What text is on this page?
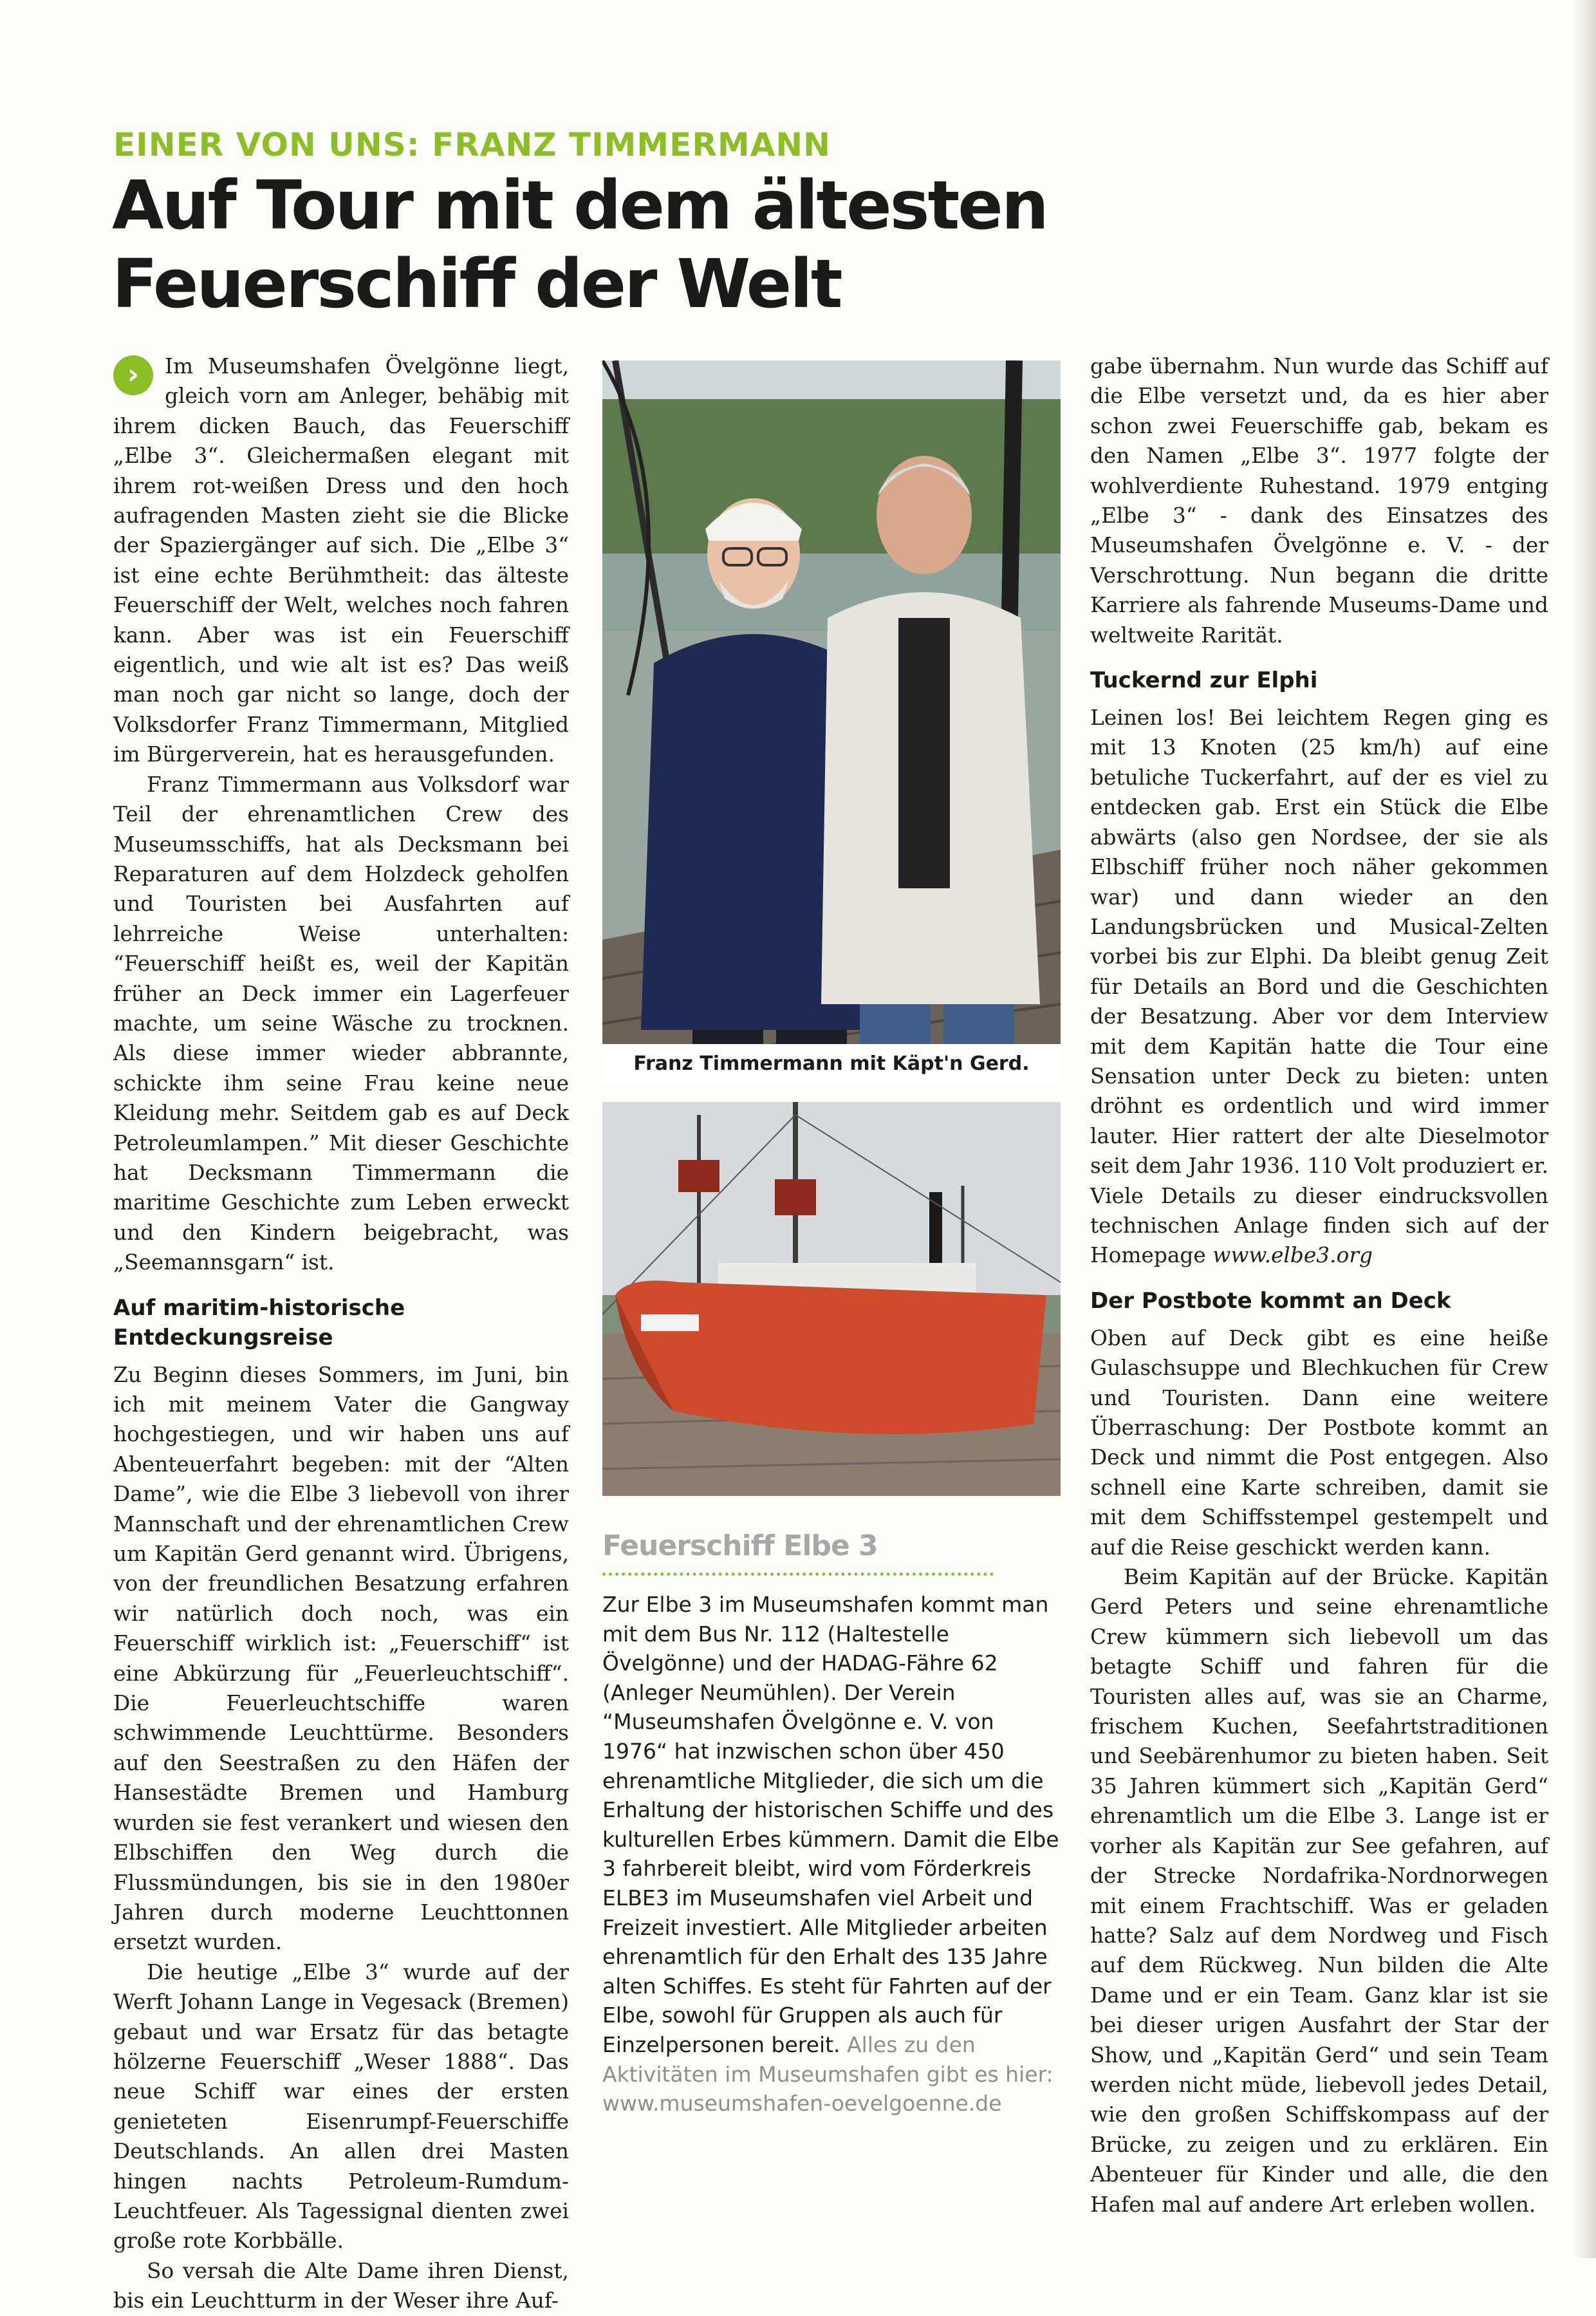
EINER VON UNS: FRANZ TIMMERMANN
Auf Tour mit dem ältesten
Feuerschiff der Welt

›	Im Museumshafen Övelgönne liegt, gleich vorn am Anleger, behäbig mit ihrem dicken Bauch, das Feuerschiff „Elbe 3“. Gleichermaßen elegant mit ihrem rot-weißen Dress und den hoch aufragenden Masten zieht sie die Blicke der Spaziergänger auf sich. Die „Elbe 3“ ist eine echte Berühmtheit: das älteste Feuerschiff der Welt, welches noch fahren kann. Aber was ist ein Feuerschiff eigentlich, und wie alt ist es? Das weiß man noch gar nicht so lange, doch der Volksdorfer Franz Timmermann, Mitglied im Bürgerverein, hat es herausgefunden.

Franz Timmermann aus Volksdorf war Teil der ehrenamtlichen Crew des Museumsschiffs, hat als Decksmann bei Reparaturen auf dem Holzdeck geholfen und Touristen bei Ausfahrten auf lehrreiche Weise unterhalten: “Feuerschiff heißt es, weil der Kapitän früher an Deck immer ein Lagerfeuer machte, um seine Wäsche zu trocknen. Als diese immer wieder abbrannte, schickte ihm seine Frau keine neue Kleidung mehr. Seitdem gab es auf Deck Petroleumlampen.” Mit dieser Geschichte hat Decksmann Timmermann die maritime Geschichte zum Leben erweckt und den Kindern beigebracht, was „Seemannsgarn“ ist.

Auf maritim-historische Entdeckungsreise

Zu Beginn dieses Sommers, im Juni, bin ich mit meinem Vater die Gangway hochgestiegen, und wir haben uns auf Abenteuerfahrt begeben: mit der “Alten Dame”, wie die Elbe 3 liebevoll von ihrer Mannschaft und der ehrenamtlichen Crew um Kapitän Gerd genannt wird. Übrigens, von der freundlichen Besatzung erfahren wir natürlich doch noch, was ein Feuerschiff wirklich ist: „Feuerschiff“ ist eine Abkürzung für „Feuerleuchtschiff“. Die Feuerleuchtschiffe waren schwimmende Leuchttürme. Besonders auf den Seestraßen zu den Häfen der Hansestädte Bremen und Hamburg wurden sie fest verankert und wiesen den Elbschiffen den Weg durch die Flussmündungen, bis sie in den 1980er Jahren durch moderne Leuchttonnen ersetzt wurden.

Die heutige „Elbe 3“ wurde auf der Werft Johann Lange in Vegesack (Bremen) gebaut und war Ersatz für das betagte hölzerne Feuerschiff „Weser 1888“. Das neue Schiff war eines der ersten genieteten Eisenrumpf-Feuerschiffe Deutschlands. An allen drei Masten hingen nachts Petroleum-Rumdum-Leuchtfeuer. Als Tagessignal dienten zwei große rote Korbbälle.

So versah die Alte Dame ihren Dienst, bis ein Leuchtturm in der Weser ihre Auf-

Franz Timmermann mit Käpt'n Gerd.
Feuerschiff Elbe 3
Zur Elbe 3 im Museumshafen kommt man mit dem Bus Nr. 112 (Haltestelle Övelgönne) und der HADAG-Fähre 62 (Anleger Neumühlen). Der Verein “Museumshafen Övelgönne e. V. von 1976“ hat inzwischen schon über 450 ehrenamtliche Mitglieder, die sich um die Erhaltung der historischen Schiffe und des kulturellen Erbes kümmern. Damit die Elbe 3 fahrbereit bleibt, wird vom Förderkreis ELBE3 im Museumshafen viel Arbeit und Freizeit investiert. Alle Mitglieder arbeiten ehrenamtlich für den Erhalt des 135 Jahre alten Schiffes. Es steht für Fahrten auf der Elbe, sowohl für Gruppen als auch für Einzelpersonen bereit. Alles zu den Aktivitäten im Museumshafen gibt es hier:
www.museumshafen-oevelgoenne.de

gabe übernahm. Nun wurde das Schiff auf die Elbe versetzt und, da es hier aber schon zwei Feuerschiffe gab, bekam es den Namen „Elbe 3“. 1977 folgte der wohlverdiente Ruhestand. 1979 entging „Elbe 3“ - dank des Einsatzes des Museumshafen Övelgönne e. V. - der Verschrottung. Nun begann die dritte Karriere als fahrende Museums-Dame und weltweite Rarität.

Tuckernd zur Elphi

Leinen los! Bei leichtem Regen ging es mit 13 Knoten (25 km/h) auf eine betuliche Tuckerfahrt, auf der es viel zu entdecken gab. Erst ein Stück die Elbe abwärts (also gen Nordsee, der sie als Elbschiff früher noch näher gekommen war) und dann wieder an den Landungsbrücken und Musical-Zelten vorbei bis zur Elphi. Da bleibt genug Zeit für Details an Bord und die Geschichten der Besatzung. Aber vor dem Interview mit dem Kapitän hatte die Tour eine Sensation unter Deck zu bieten: unten dröhnt es ordentlich und wird immer lauter. Hier rattert der alte Dieselmotor seit dem Jahr 1936. 110 Volt produziert er. Viele Details zu dieser eindrucksvollen technischen Anlage finden sich auf der Homepage www.elbe3.org

Der Postbote kommt an Deck

Oben auf Deck gibt es eine heiße Gulaschsuppe und Blechkuchen für Crew und Touristen. Dann eine weitere Überraschung: Der Postbote kommt an Deck und nimmt die Post entgegen. Also schnell eine Karte schreiben, damit sie mit dem Schiffsstempel gestempelt und auf die Reise geschickt werden kann.

Beim Kapitän auf der Brücke. Kapitän Gerd Peters und seine ehrenamtliche Crew kümmern sich liebevoll um das betagte Schiff und fahren für die Touristen alles auf, was sie an Charme, frischem Kuchen, Seefahrtstraditionen und Seebärenhumor zu bieten haben. Seit 35 Jahren kümmert sich „Kapitän Gerd“ ehrenamtlich um die Elbe 3. Lange ist er vorher als Kapitän zur See gefahren, auf der Strecke Nordafrika-Nordnorwegen mit einem Frachtschiff. Was er geladen hatte? Salz auf dem Nordweg und Fisch auf dem Rückweg. Nun bilden die Alte Dame und er ein Team. Ganz klar ist sie bei dieser urigen Ausfahrt der Star der Show, und „Kapitän Gerd“ und sein Team werden nicht müde, liebevoll jedes Detail, wie den großen Schiffskompass auf der Brücke, zu zeigen und zu erklären. Ein Abenteuer für Kinder und alle, die den Hafen mal auf andere Art erleben wollen.
